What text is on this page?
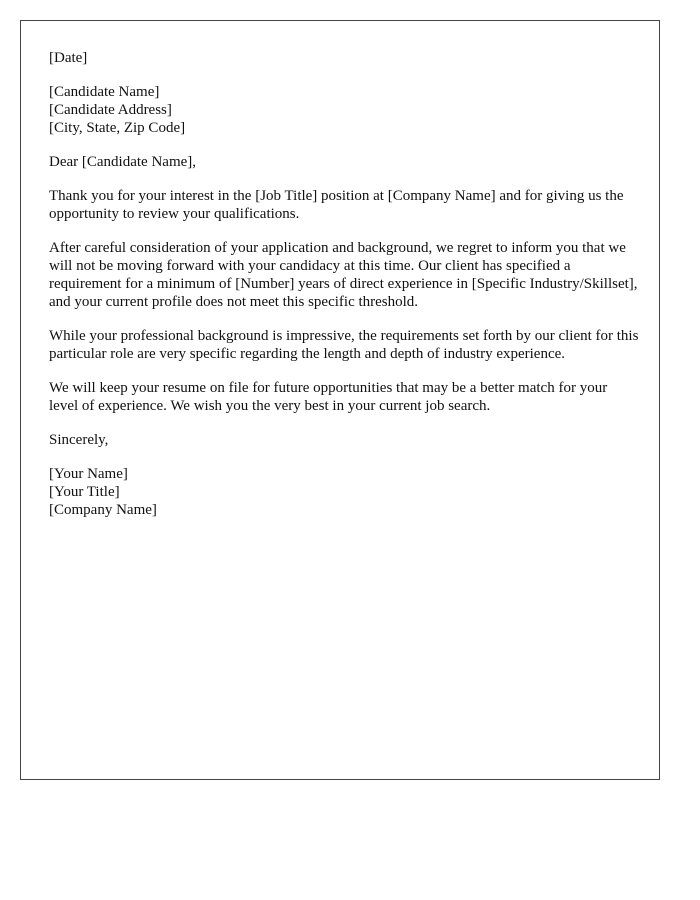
[Date]

[Candidate Name]
[Candidate Address]
[City, State, Zip Code]

Dear [Candidate Name],

Thank you for your interest in the [Job Title] position at [Company Name] and for giving us the opportunity to review your qualifications.

After careful consideration of your application and background, we regret to inform you that we will not be moving forward with your candidacy at this time. Our client has specified a requirement for a minimum of [Number] years of direct experience in [Specific Industry/Skillset], and your current profile does not meet this specific threshold.

While your professional background is impressive, the requirements set forth by our client for this particular role are very specific regarding the length and depth of industry experience.

We will keep your resume on file for future opportunities that may be a better match for your level of experience. We wish you the very best in your current job search.

Sincerely,

[Your Name]
[Your Title]
[Company Name]
